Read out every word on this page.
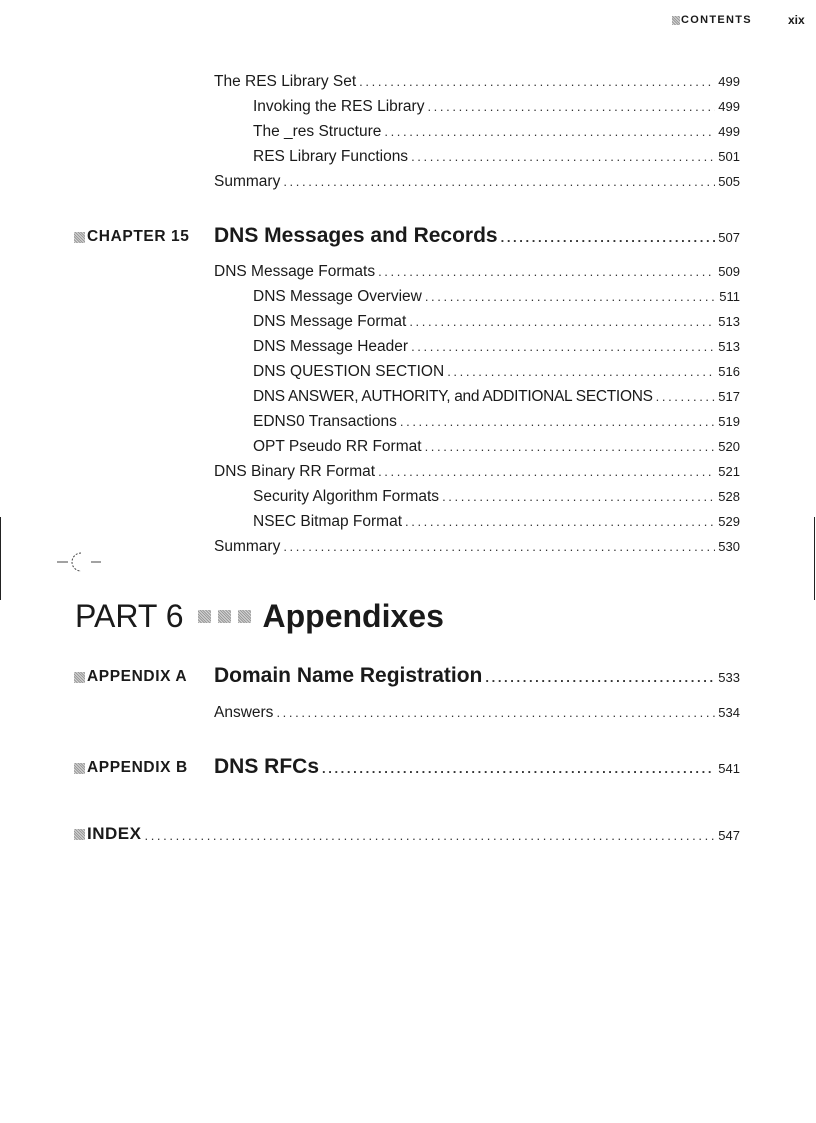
CONTENTS	xix
The RES Library Set . . .	499
Invoking the RES Library . . .	499
The _res Structure . . .	499
RES Library Functions . . .	501
Summary . . .	505
CHAPTER 15 DNS Messages and Records . . .	507
DNS Message Formats . . .	509
DNS Message Overview . . .	511
DNS Message Format . . .	513
DNS Message Header . . .	513
DNS QUESTION SECTION . . .	516
DNS ANSWER, AUTHORITY, and ADDITIONAL SECTIONS . . .	517
EDNS0 Transactions . . .	519
OPT Pseudo RR Format . . .	520
DNS Binary RR Format . . .	521
Security Algorithm Formats . . .	528
NSEC Bitmap Format . . .	529
Summary . . .	530
PART 6 Appendixes
APPENDIX A Domain Name Registration . . .	533
Answers . . .	534
APPENDIX B DNS RFCs . . .	541
INDEX . . .	547
